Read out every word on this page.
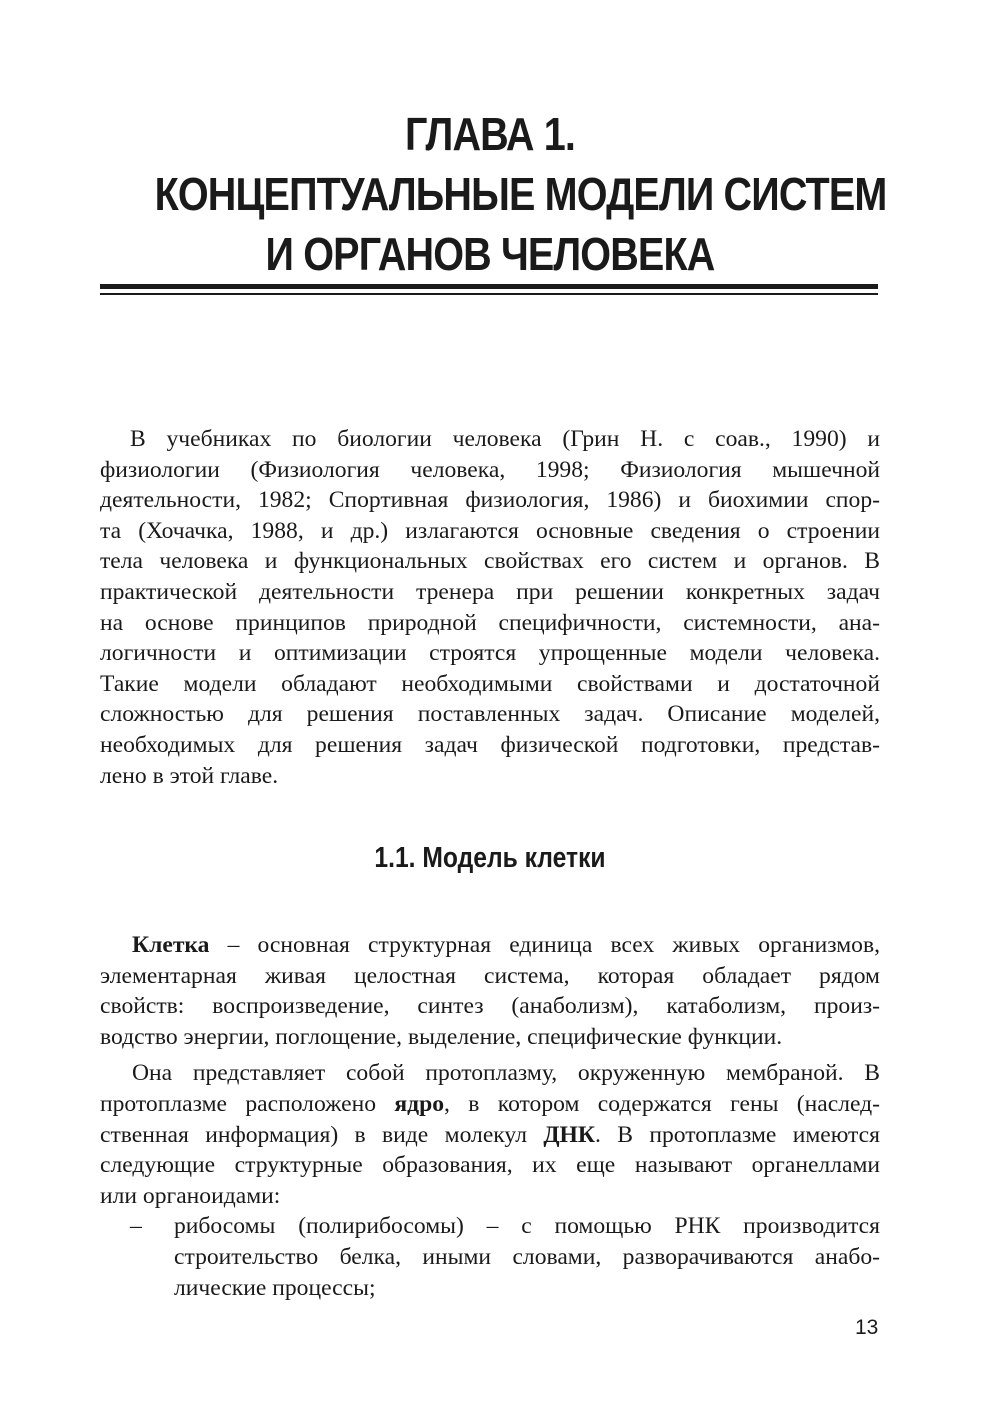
ГЛАВА 1.
КОНЦЕПТУАЛЬНЫЕ МОДЕЛИ СИСТЕМ
И ОРГАНОВ ЧЕЛОВЕКА

В учебниках по биологии человека (Грин Н. с соав., 1990) и
физиологии (Физиология человека, 1998; Физиология мышечной
деятельности, 1982; Спортивная физиология, 1986) и биохимии спор-
та (Хочачка, 1988, и др.) излагаются основные сведения о строении
тела человека и функциональных свойствах его систем и органов. В
практической деятельности тренера при решении конкретных задач
на основе принципов природной специфичности, системности, ана-
логичности и оптимизации строятся упрощенные модели человека.
Такие модели обладают необходимыми свойствами и достаточной
сложностью для решения поставленных задач. Описание моделей,
необходимых для решения задач физической подготовки, представ-
лено в этой главе.

1.1. Модель клетки
Клетка – основная структурная единица всех живых организмов,
элементарная живая целостная система, которая обладает рядом
свойств: воспроизведение, синтез (анаболизм), катаболизм, произ-
водство энергии, поглощение, выделение, специфические функции.
Она представляет собой протоплазму, окруженную мембраной. В
протоплазме расположено ядро, в котором содержатся гены (наслед-
ственная информация) в виде молекул ДНК. В протоплазме имеются
следующие структурные образования, их еще называют органеллами
или органоидами:
–	рибосомы (полирибосомы) – с помощью РНК производится
строительство белка, иными словами, разворачиваются анабо-
лические процессы;
13
